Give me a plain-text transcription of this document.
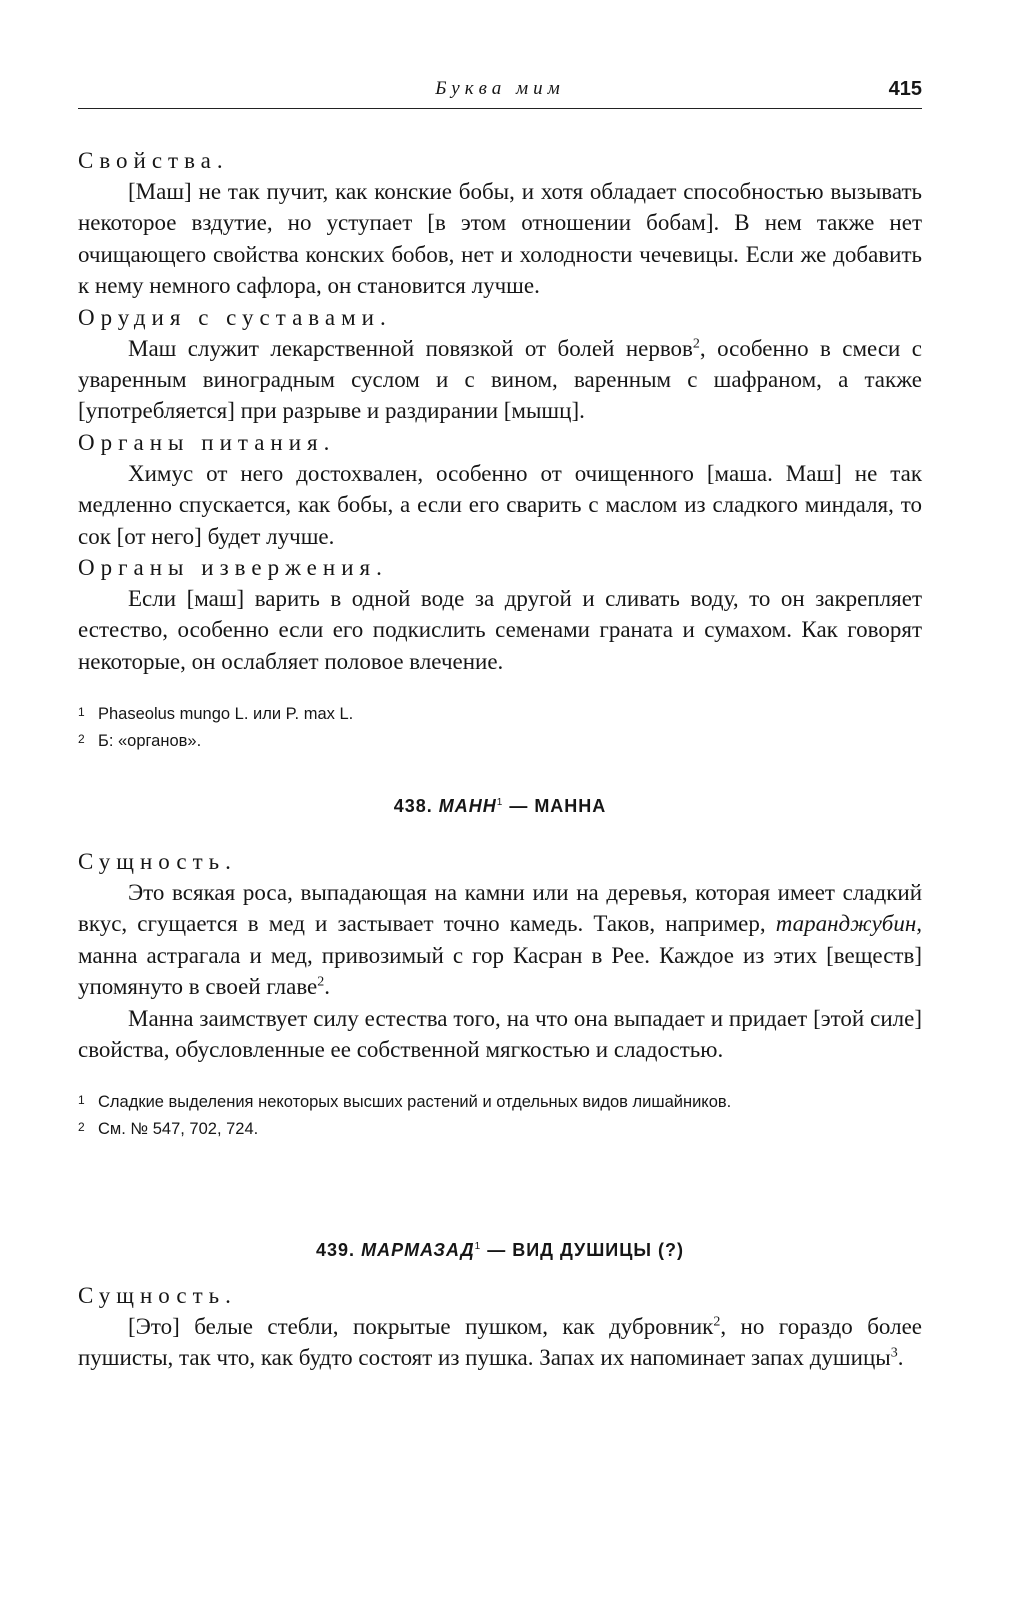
Буква мим	415

Свойства.

[Маш] не так пучит, как конские бобы, и хотя обладает способностью вызывать некоторое вздутие, но уступает [в этом отношении бобам]. В нем также нет очищающего свойства конских бобов, нет и холодности чечевицы. Если же добавить к нему немного сафлора, он становится лучше.

Орудия с суставами.

Маш служит лекарственной повязкой от болей нервов$^2$, особенно в смеси с уваренным виноградным суслом и с вином, варенным с шафраном, а также [употребляется] при разрыве и раздирании [мышц].

Органы питания.

Химус от него достохвален, особенно от очищенного [маша. Маш] не так медленно спускается, как бобы, а если его сварить с маслом из сладкого миндаля, то сок [от него] будет лучше.

Органы извержения.

Если [маш] варить в одной воде за другой и сливать воду, то он закрепляет естество, особенно если его подкислить семенами граната и сумахом. Как говорят некоторые, он ослабляет половое влечение.

1 Phaseolus mungo L. или P. max L.

2 Б: «органов».

438. МАНН$^1$ — МАННА

Сущность.

Это всякая роса, выпадающая на камни или на деревья, которая имеет сладкий вкус, сгущается в мед и застывает точно камедь. Таков, например, таранджубин, манна астрагала и мед, привозимый с гор Касран в Рее. Каждое из этих [веществ] упомянуто в своей главе$^2$.

Манна заимствует силу естества того, на что она выпадает и придает [этой силе] свойства, обусловленные ее собственной мягкостью и сладостью.

1 Сладкие выделения некоторых высших растений и отдельных видов лишайников.

2 См. № 547, 702, 724.

439. МАРМАЗАД$^1$ — ВИД ДУШИЦЫ (?)

Сущность.

[Это] белые стебли, покрытые пушком, как дубровник$^2$, но гораздо более пушисты, так что, как будто состоят из пушка. Запах их напоминает запах душицы$^3$.
